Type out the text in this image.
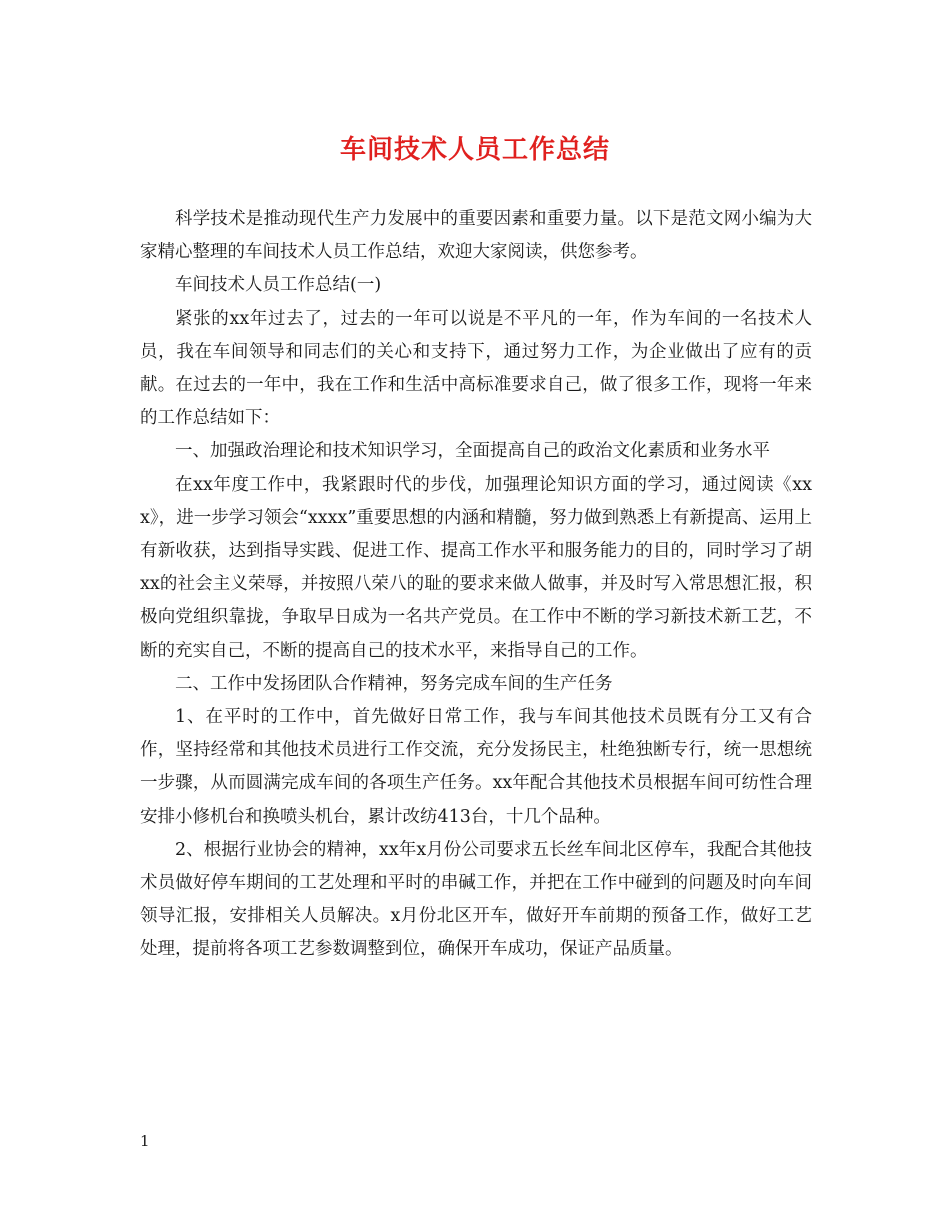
车间技术人员工作总结

科学技术是推动现代生产力发展中的重要因素和重要力量。以下是范文网小编为大家精心整理的车间技术人员工作总结，欢迎大家阅读，供您参考。

车间技术人员工作总结(一)

紧张的xx年过去了，过去的一年可以说是不平凡的一年，作为车间的一名技术人员，我在车间领导和同志们的关心和支持下，通过努力工作，为企业做出了应有的贡献。在过去的一年中，我在工作和生活中高标准要求自己，做了很多工作，现将一年来的工作总结如下：

一、加强政治理论和技术知识学习，全面提高自己的政治文化素质和业务水平

在xx年度工作中，我紧跟时代的步伐，加强理论知识方面的学习，通过阅读《xxx》，进一步学习领会“xxxx”重要思想的内涵和精髓，努力做到熟悉上有新提高、运用上有新收获，达到指导实践、促进工作、提高工作水平和服务能力的目的，同时学习了胡xx的社会主义荣辱，并按照八荣八的耻的要求来做人做事，并及时写入常思想汇报，积极向党组织靠拢，争取早日成为一名共产党员。在工作中不断的学习新技术新工艺，不断的充实自己，不断的提高自己的技术水平，来指导自己的工作。

二、工作中发扬团队合作精神，努务完成车间的生产任务

1、在平时的工作中，首先做好日常工作，我与车间其他技术员既有分工又有合作，坚持经常和其他技术员进行工作交流，充分发扬民主，杜绝独断专行，统一思想统一步骤，从而圆满完成车间的各项生产任务。xx年配合其他技术员根据车间可纺性合理安排小修机台和换喷头机台，累计改纺413台，十几个品种。

2、根据行业协会的精神，xx年x月份公司要求五长丝车间北区停车，我配合其他技术员做好停车期间的工艺处理和平时的串碱工作，并把在工作中碰到的问题及时向车间领导汇报，安排相关人员解决。x月份北区开车，做好开车前期的预备工作，做好工艺处理，提前将各项工艺参数调整到位，确保开车成功，保证产品质量。

1
